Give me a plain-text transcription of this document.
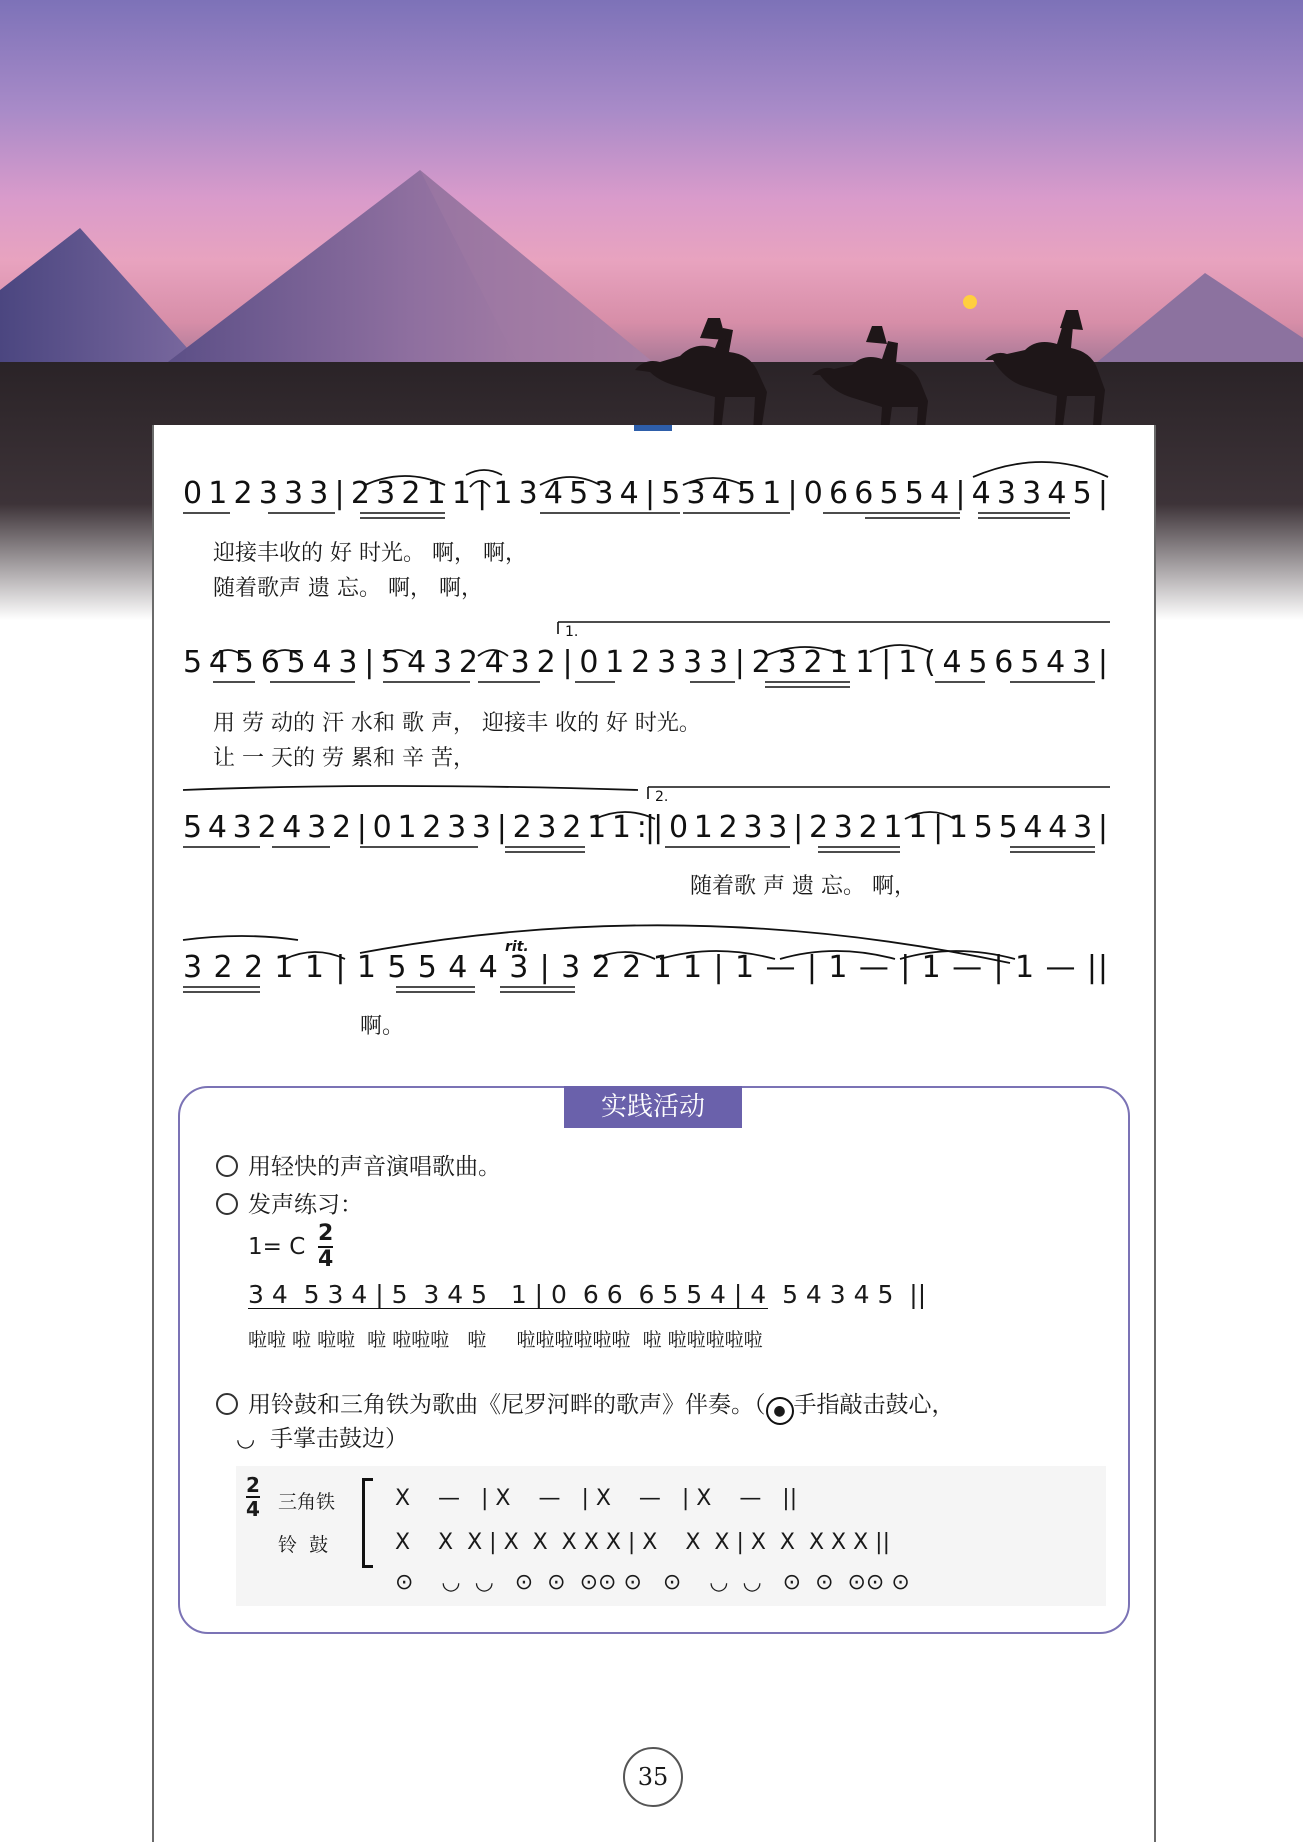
0 1 2 3 3 3 | 2 3 2 1 1 | 1 3 4 5 3 4 | 5 3 4 5 1 | 0 6 6 5 5 4 | 4 3 3 4 5 |
迎接丰收的 好 时光。 啊， 啊，
随着歌声 遗 忘。 啊， 啊，
1.
5 4 5 6 5 4 3 | 5 4 3 2 4 3 2 | 0 1 2 3 3 3 | 2 3 2 1 1 | 1 ( 4 5 6 5 4 3 |
用 劳 动的 汗 水和 歌 声， 迎接丰 收的 好 时光。
让 一 天的 劳 累和 辛 苦，
2.
5 4 3 2 4 3 2 | 0 1 2 3 3 | 2 3 2 1 1 :|| 0 1 2 3 3 | 2 3 2 1 1 | 1 5 5 4 4 3 |
随着歌 声 遗 忘。 啊，
rit.
3 2 2 1 1 | 1 5 5 4 4 3 | 3 2 2 1 1 | 1 — | 1 — | 1 — | 1 — ||
啊。
实践活动
用轻快的声音演唱歌曲。
发声练习：
1= C
2
4
3 4  5 3 4 | 5  3 4 5   1 | 0  6 6  6 5 5 4 | 4  5 4 3 4 5  ||
啦啦 啦 啦啦  啦 啦啦啦   啦     啦啦啦啦啦啦  啦 啦啦啦啦啦
用铃鼓和三角铁为歌曲《尼罗河畔的歌声》伴奏。（ ● 手指敲击鼓心，
◡ 手掌击鼓边）
2
4 三角铁
铃  鼓
X    —   | X    —   | X    —   | X    —   ||
X    X  X | X  X  X X X | X    X  X | X  X  X X X ||
⊙    ◡  ◡   ⊙  ⊙  ⊙⊙ ⊙   ⊙    ◡  ◡   ⊙  ⊙  ⊙⊙ ⊙
35
